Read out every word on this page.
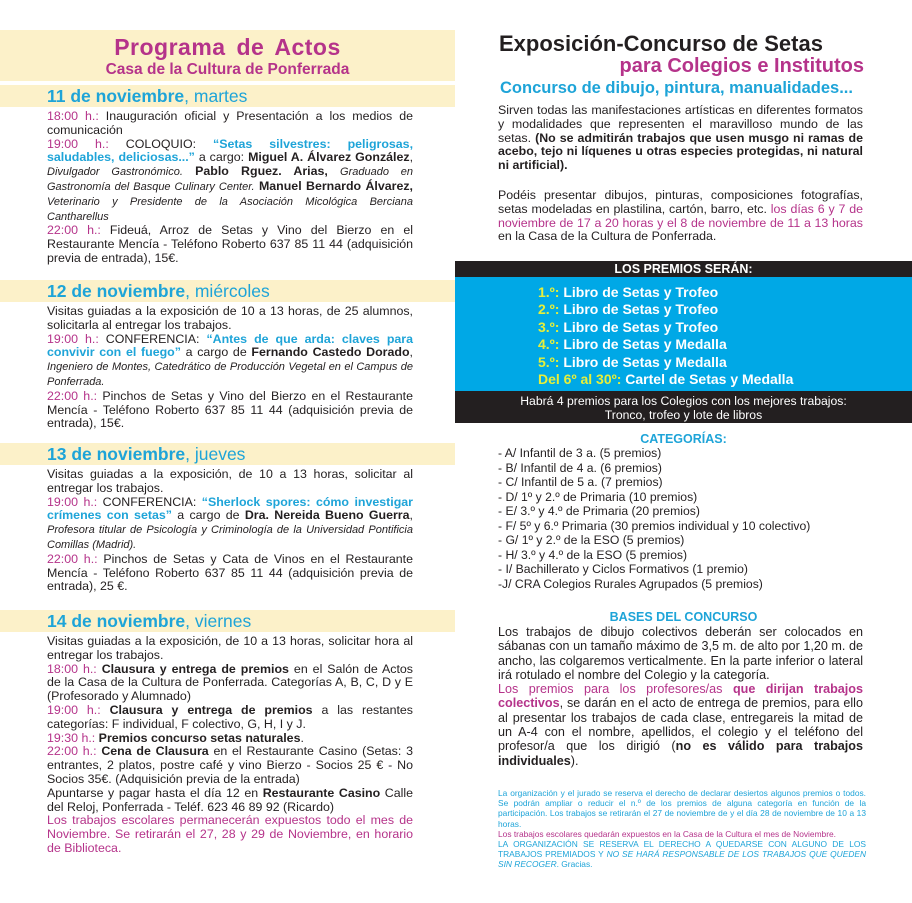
Programa de Actos
Casa de la Cultura de Ponferrada
11 de noviembre, martes
18:00 h.: Inauguración oficial y Presentación a los medios de comunicación
19:00 h.: COLOQUIO: “Setas silvestres: peligrosas, saludables, deliciosas...” a cargo: Miguel A. Álvarez González, Divulgador Gastronómico. Pablo Rguez. Arias, Graduado en Gastronomía del Basque Culinary Center. Manuel Bernardo Álvarez, Veterinario y Presidente de la Asociación Micológica Berciana Cantharellus
22:00 h.: Fideuá, Arroz de Setas y Vino del Bierzo en el Restaurante Mencía - Teléfono Roberto 637 85 11 44 (adquisición previa de entrada), 15€.
12 de noviembre, miércoles
Visitas guiadas a la exposición de 10 a 13 horas, de 25 alumnos, solicitarla al entregar los trabajos.
19:00 h.: CONFERENCIA: “Antes de que arda: claves para convivir con el fuego” a cargo de Fernando Castedo Dorado, Ingeniero de Montes, Catedrático de Producción Vegetal en el Campus de Ponferrada.
22:00 h.: Pinchos de Setas y Vino del Bierzo en el Restaurante Mencía - Teléfono Roberto 637 85 11 44 (adquisición previa de entrada), 15€.
13 de noviembre, jueves
Visitas guiadas a la exposición, de 10 a 13 horas, solicitar al entregar los trabajos.
19:00 h.: CONFERENCIA: “Sherlock spores: cómo investigar crímenes con setas” a cargo de Dra. Nereida Bueno Guerra, Profesora titular de Psicología y Criminología de la Universidad Pontificia Comillas (Madrid).
22:00 h.: Pinchos de Setas y Cata de Vinos en el Restaurante Mencía - Teléfono Roberto 637 85 11 44 (adquisición previa de entrada), 25 €.
14 de noviembre, viernes
Visitas guiadas a la exposición, de 10 a 13 horas, solicitar hora al entregar los trabajos.
18:00 h.: Clausura y entrega de premios en el Salón de Actos de la Casa de la Cultura de Ponferrada. Categorías A, B, C, D y E (Profesorado y Alumnado)
19:00 h.: Clausura y entrega de premios a las restantes categorías: F individual, F colectivo, G, H, I y J.
19:30 h.: Premios concurso setas naturales.
22:00 h.: Cena de Clausura en el Restaurante Casino (Setas: 3 entrantes, 2 platos, postre café y vino Bierzo - Socios 25 € - No Socios 35€. (Adquisición previa de la entrada)
Apuntarse y pagar hasta el día 12 en Restaurante Casino Calle del Reloj, Ponferrada - Teléf. 623 46 89 92 (Ricardo)
Los trabajos escolares permanecerán expuestos todo el mes de Noviembre. Se retirarán el 27, 28 y 29 de Noviembre, en horario de Biblioteca.
Exposición-Concurso de Setas
para Colegios e Institutos
Concurso de dibujo, pintura, manualidades...
Sirven todas las manifestaciones artísticas en diferentes formatos y modalidades que representen el maravilloso mundo de las setas. (No se admitirán trabajos que usen musgo ni ramas de acebo, tejo ni líquenes u otras especies protegidas, ni natural ni artificial).
Podéis presentar dibujos, pinturas, composiciones fotografías, setas modeladas en plastilina, cartón, barro, etc. los días 6 y 7 de noviembre de 17 a 20 horas y el 8 de noviembre de 11 a 13 horas en la Casa de la Cultura de Ponferrada.
LOS PREMIOS SERÁN:
1.º: Libro de Setas y Trofeo
2.º: Libro de Setas y Trofeo
3.º: Libro de Setas y Trofeo
4.º: Libro de Setas y Medalla
5.º: Libro de Setas y Medalla
Del 6º al 30º: Cartel de Setas y Medalla
Habrá 4 premios para los Colegios con los mejores trabajos:
Tronco, trofeo y lote de libros
CATEGORÍAS:
- A/ Infantil de 3 a. (5 premios)
- B/ Infantil de 4 a. (6 premios)
- C/ Infantil de 5 a. (7 premios)
- D/ 1º y 2.º de Primaria (10 premios)
- E/ 3.º y 4.º de Primaria (20 premios)
- F/ 5º y 6.º Primaria (30 premios individual y 10 colectivo)
- G/ 1º y 2.º de la ESO (5 premios)
- H/ 3.º y 4.º de la ESO (5 premios)
- I/ Bachillerato y Ciclos Formativos (1 premio)
-J/ CRA Colegios Rurales Agrupados (5 premios)
BASES DEL CONCURSO
Los trabajos de dibujo colectivos deberán ser colocados en sábanas con un tamaño máximo de 3,5 m. de alto por 1,20 m. de ancho, las colgaremos verticalmente. En la parte inferior o lateral irá rotulado el nombre del Colegio y la categoría.
Los premios para los profesores/as que dirijan trabajos colectivos, se darán en el acto de entrega de premios, para ello al presentar los trabajos de cada clase, entregareis la mitad de un A-4 con el nombre, apellidos, el colegio y el teléfono del profesor/a que los dirigió (no es válido para trabajos individuales).
La organización y el jurado se reserva el derecho de declarar desiertos algunos premios o todos. Se podrán ampliar o reducir el n.º de los premios de alguna categoría en función de la participación. Los trabajos se retirarán el 27 de noviembre de y el día 28 de noviembre de 10 a 13 horas.
Los trabajos escolares quedarán expuestos en la Casa de la Cultura el mes de Noviembre.
LA ORGANIZACIÓN SE RESERVA EL DERECHO A QUEDARSE CON ALGUNO DE LOS TRABAJOS PREMIADOS Y NO SE HARÁ RESPONSABLE DE LOS TRABAJOS QUE QUEDEN SIN RECOGER. Gracias.
